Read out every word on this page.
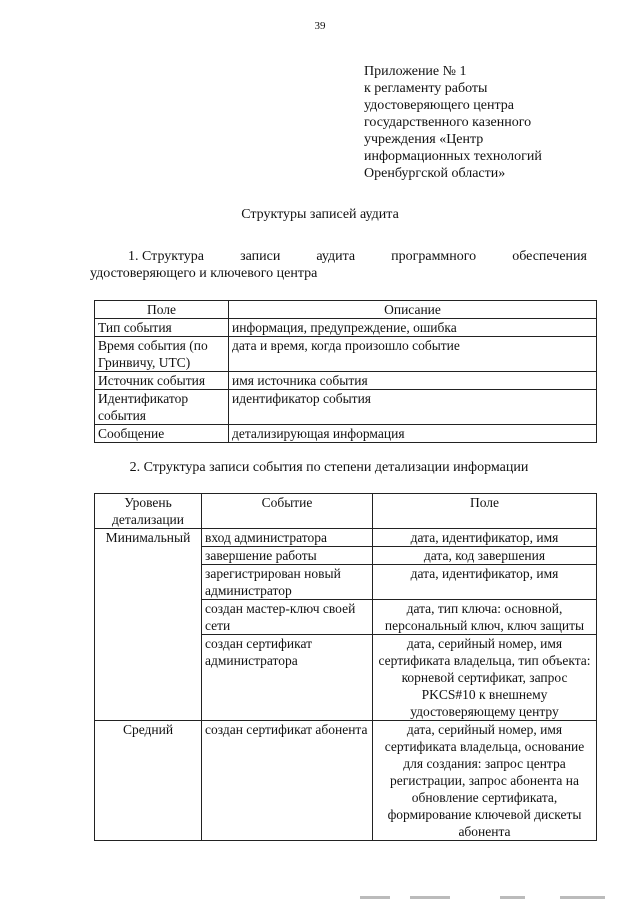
39
Приложение № 1
к регламенту работы
удостоверяющего центра
государственного казенного
учреждения «Центр
информационных технологий
Оренбургской области»
Структуры записей аудита
1. Структура	записи	аудита	программного	обеспечения
удостоверяющего и ключевого центра
Поле	Описание
Тип события	информация, предупреждение, ошибка
Время события (по Гринвичу, UTC)	дата и время, когда произошло событие
Источник события	имя источника события
Идентификатор события	идентификатор события
Сообщение	детализирующая информация
2. Структура записи события по степени детализации информации
Уровень детализации	Событие	Поле
Минимальный	вход администратора	дата, идентификатор, имя
	завершение работы	дата, код завершения
	зарегистрирован новый администратор	дата, идентификатор, имя
	создан мастер-ключ своей сети	дата, тип ключа: основной, персональный ключ, ключ защиты
	создан сертификат администратора	дата, серийный номер, имя сертификата владельца, тип объекта: корневой сертификат, запрос PKCS#10 к внешнему удостоверяющему центру
Средний	создан сертификат абонента	дата, серийный номер, имя сертификата владельца, основание для создания: запрос центра регистрации, запрос абонента на обновление сертификата, формирование ключевой дискеты абонента
